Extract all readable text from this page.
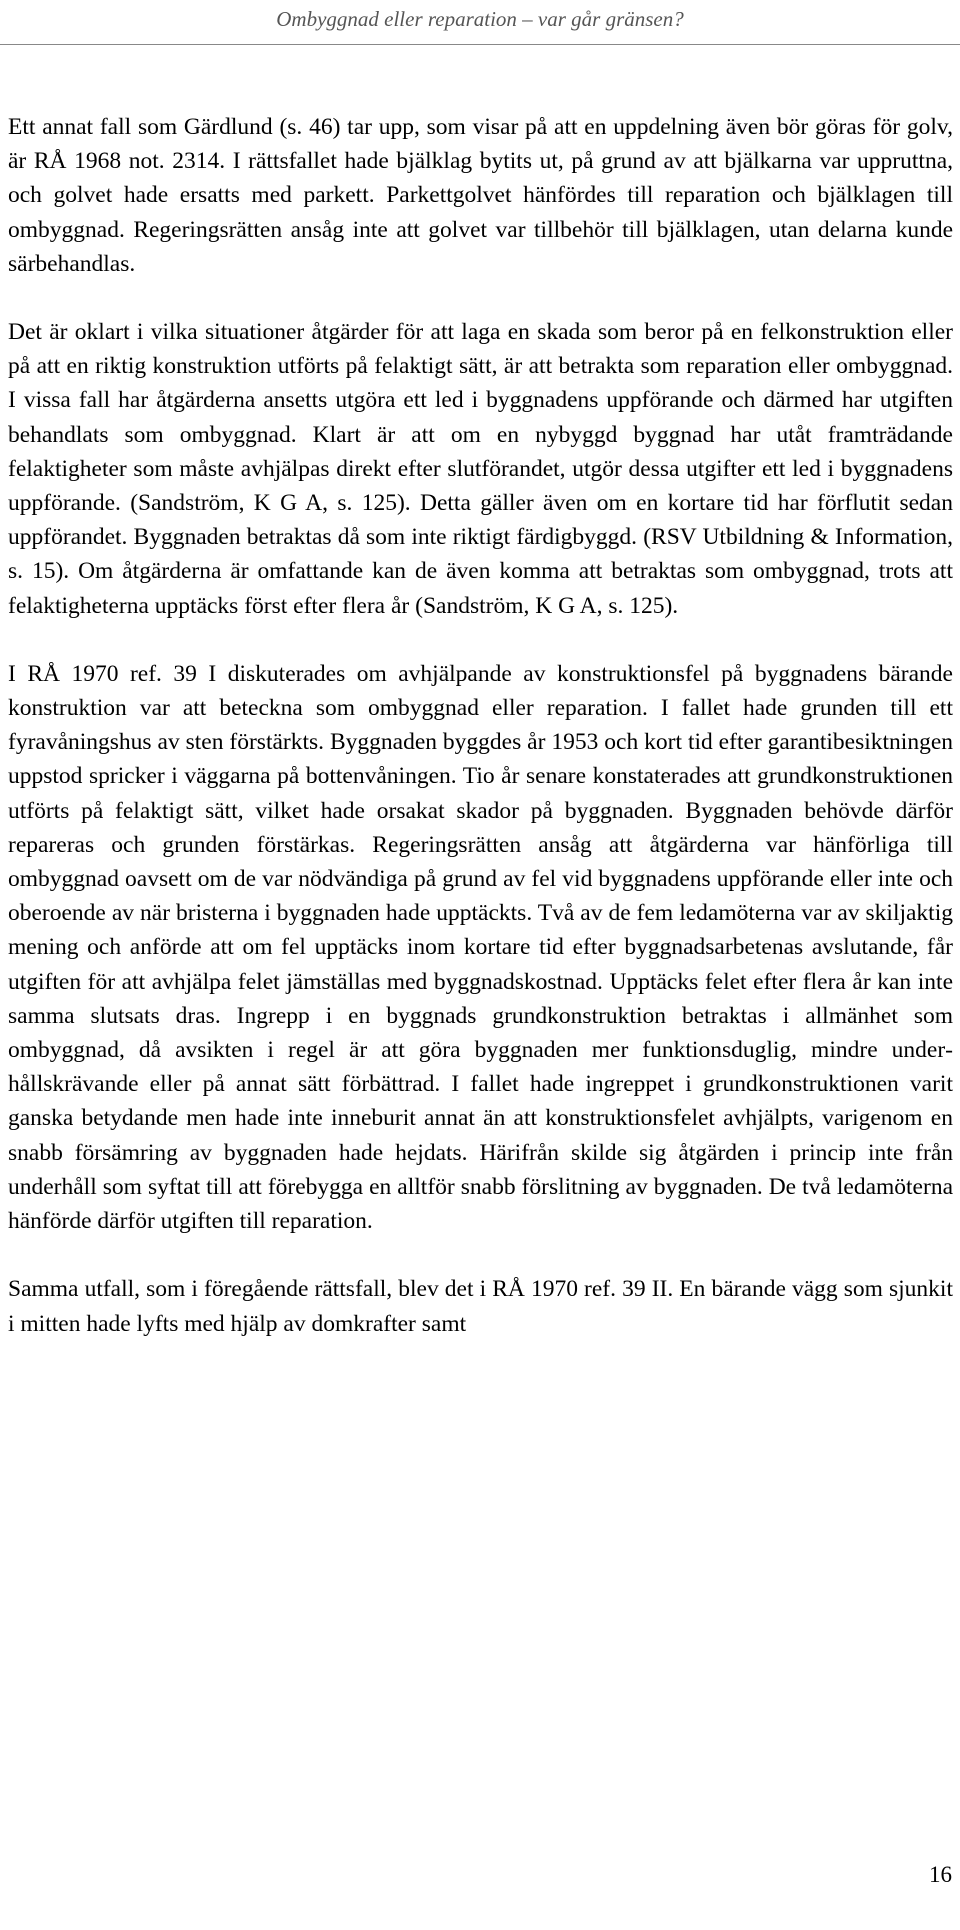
Ombyggnad eller reparation – var går gränsen?

Ett annat fall som Gärdlund (s. 46) tar upp, som visar på att en uppdelning även bör göras för golv, är RÅ 1968 not. 2314. I rättsfallet hade bjälklag bytits ut, på grund av att bjälkarna var uppruttna, och golvet hade ersatts med parkett. Parkettgolvet hänfördes till reparation och bjälklagen till ombyggnad. Regeringsrätten ansåg inte att golvet var tillbehör till bjälklagen, utan delarna kunde särbehandlas.

Det är oklart i vilka situationer åtgärder för att laga en skada som beror på en felkonstruktion eller på att en riktig konstruktion utförts på felaktigt sätt, är att betrakta som reparation eller ombyggnad. I vissa fall har åtgärderna ansetts utgöra ett led i byggnadens uppförande och därmed har utgiften behandlats som ombyggnad. Klart är att om en nybyggd byggnad har utåt framträdande felaktigheter som måste avhjälpas direkt efter slutförandet, utgör dessa utgifter ett led i byggnadens uppförande. (Sandström, K G A, s. 125). Detta gäller även om en kortare tid har förflutit sedan uppförandet. Byggnaden betraktas då som inte riktigt färdigbyggd. (RSV Utbildning & Information, s. 15). Om åtgärderna är omfattande kan de även komma att betraktas som ombyggnad, trots att felaktigheterna upptäcks först efter flera år (Sandström, K G A, s. 125).

I RÅ 1970 ref. 39 I diskuterades om avhjälpande av konstruktionsfel på byggnadens bärande konstruktion var att beteckna som ombyggnad eller reparation. I fallet hade grunden till ett fyravåningshus av sten förstärkts. Byggnaden byggdes år 1953 och kort tid efter garantibesiktningen uppstod spricker i väggarna på bottenvåningen. Tio år senare konstaterades att grundkonstruktionen utförts på felaktigt sätt, vilket hade orsakat skador på byggnaden. Byggnaden behövde därför repareras och grunden förstärkas. Regeringsrätten ansåg att åtgärderna var hänförliga till ombyggnad oavsett om de var nödvändiga på grund av fel vid byggnadens uppförande eller inte och oberoende av när bristerna i byggnaden hade upptäckts. Två av de fem ledamöterna var av skiljaktig mening och anförde att om fel upptäcks inom kortare tid efter byggnadsarbetenas avslutande, får utgiften för att avhjälpa felet jämställas med byggnadskostnad. Upptäcks felet efter flera år kan inte samma slutsats dras. Ingrepp i en byggnads grundkonstruktion betraktas i allmänhet som ombyggnad, då avsikten i regel är att göra byggnaden mer funktionsduglig, mindre underhållskrävande eller på annat sätt förbättrad. I fallet hade ingreppet i grundkonstruktionen varit ganska betydande men hade inte inneburit annat än att konstruktionsfelet avhjälpts, varigenom en snabb försämring av byggnaden hade hejdats. Härifrån skilde sig åtgärden i princip inte från underhåll som syftat till att förebygga en alltför snabb förslitning av byggnaden. De två ledamöterna hänförde därför utgiften till reparation.

Samma utfall, som i föregående rättsfall, blev det i RÅ 1970 ref. 39 II. En bärande vägg som sjunkit i mitten hade lyfts med hjälp av domkrafter samt

16
